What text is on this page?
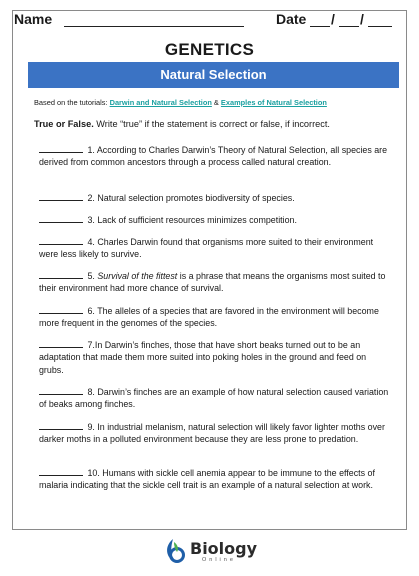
Name	Date / /
GENETICS
Natural Selection
Based on the tutorials: Darwin and Natural Selection & Examples of Natural Selection
True or False. Write “true” if the statement is correct or false, if incorrect.
1. According to Charles Darwin’s Theory of Natural Selection, all species are derived from common ancestors through a process called natural creation.
2. Natural selection promotes biodiversity of species.
3. Lack of sufficient resources minimizes competition.
4. Charles Darwin found that organisms more suited to their environment were less likely to survive.
5. Survival of the fittest is a phrase that means the organisms most suited to their environment had more chance of survival.
6. The alleles of a species that are favored in the environment will become more frequent in the genomes of the species.
7.In Darwin’s finches, those that have short beaks turned out to be an adaptation that made them more suited into poking holes in the ground and feed on grubs.
8. Darwin’s finches are an example of how natural selection caused variation of beaks among finches.
9. In industrial melanism, natural selection will likely favor lighter moths over darker moths in a polluted environment because they are less prone to predation.
10. Humans with sickle cell anemia appear to be immune to the effects of malaria indicating that the sickle cell trait is an example of a natural selection at work.
Biology
Online
